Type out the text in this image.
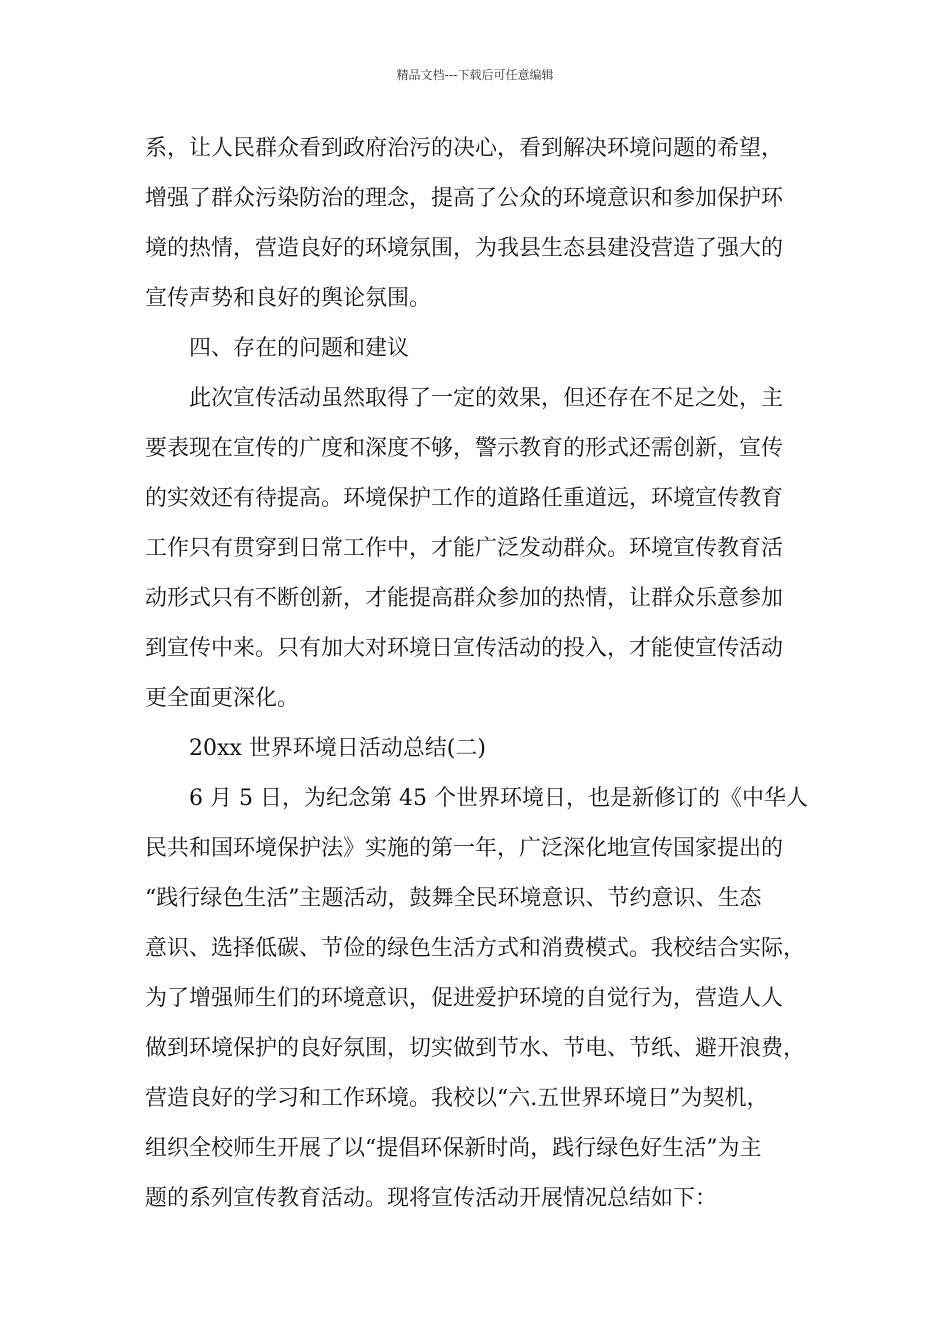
精品文档---下载后可任意编辑
系，让人民群众看到政府治污的决心，看到解决环境问题的希望，
增强了群众污染防治的理念，提高了公众的环境意识和参加保护环
境的热情，营造良好的环境氛围，为我县生态县建没营造了强大的
宣传声势和良好的舆论氛围。
四、存在的问题和建议
此次宣传活动虽然取得了一定的效果，但还存在不足之处，主
要表现在宣传的广度和深度不够，警示教育的形式还需创新，宣传
的实效还有待提高。环境保护工作的道路任重道远，环境宣传教育
工作只有贯穿到日常工作中，才能广泛发动群众。环境宣传教育活
动形式只有不断创新，才能提高群众参加的热情，让群众乐意参加
到宣传中来。只有加大对环境日宣传活动的投入，才能使宣传活动
更全面更深化。
20xx 世界环境日活动总结(二)
6 月 5 日，为纪念第 45 个世界环境日，也是新修订的《中华人
民共和国环境保护法》实施的第一年，广泛深化地宣传国家提出的
“践行绿色生活”主题活动，鼓舞全民环境意识、节约意识、生态
意识、选择低碳、节俭的绿色生活方式和消费模式。我校结合实际，
为了增强师生们的环境意识，促进爱护环境的自觉行为，营造人人
做到环境保护的良好氛围，切实做到节水、节电、节纸、避开浪费，
营造良好的学习和工作环境。我校以“六.五世界环境日”为契机，
组织全校师生开展了以“提倡环保新时尚，践行绿色好生活”为主
题的系列宣传教育活动。现将宣传活动开展情况总结如下：
